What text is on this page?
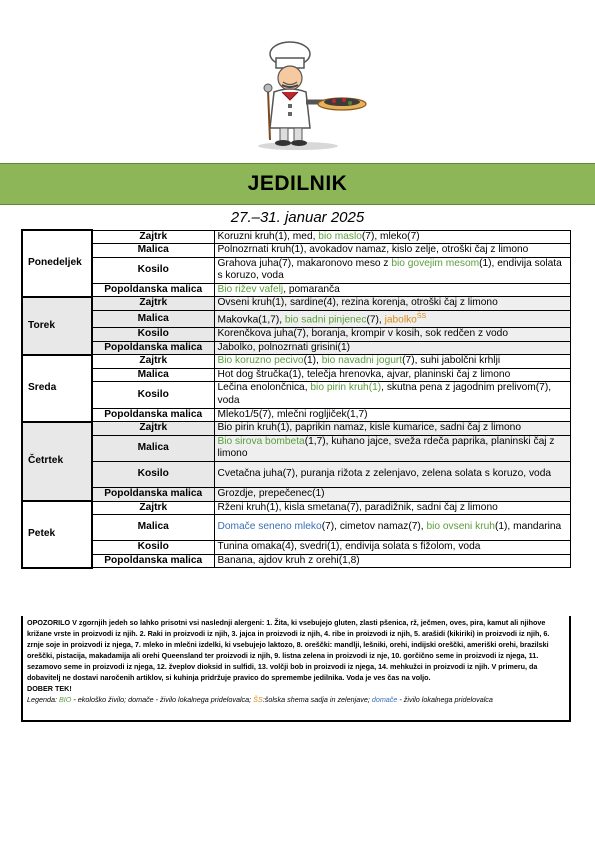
JEDILNIK
27.–31. januar 2025
Ponedeljek	Zajtrk	Koruzni kruh(1), med, bio maslo(7), mleko(7)
	Malica	Polnozrnati kruh(1), avokadov namaz, kislo zelje, otroški čaj z limono
	Kosilo	Grahova juha(7), makaronovo meso z bio govejim mesom(1), endivija solata s koruzo, voda
	Popoldanska malica	Bio rižev vafelj, pomaranča
Torek	Zajtrk	Ovseni kruh(1), sardine(4), rezina korenja, otroški čaj z limono
	Malica	Makovka(1,7), bio sadni pinjenec(7), jabolko$^{ŠS}$
	Kosilo	Korenčkova juha(7), boranja, krompir v kosih, sok redčen z vodo
	Popoldanska malica	Jabolko, polnozrnati grisini(1)
Sreda	Zajtrk	Bio koruzno pecivo(1), bio navadni jogurt(7), suhi jabolčni krhlji
	Malica	Hot dog štručka(1), telečja hrenovka, ajvar, planinski čaj z limono
	Kosilo	Lečina enolončnica, bio pirin kruh(1), skutna pena z jagodnim prelivom(7), voda
	Popoldanska malica	Mleko1/5(7), mlečni rogljiček(1,7)
Četrtek	Zajtrk	Bio pirin kruh(1), paprikin namaz, kisle kumarice, sadni čaj z limono
	Malica	Bio sirova bombeta(1,7), kuhano jajce, sveža rdeča paprika, planinski čaj z limono
	Kosilo	Cvetačna juha(7), puranja rižota z zelenjavo, zelena solata s koruzo, voda
	Popoldanska malica	Grozdje, prepečenec(1)
Petek	Zajtrk	Rženi kruh(1), kisla smetana(7), paradižnik, sadni čaj z limono
	Malica	Domače seneno mleko(7), cimetov namaz(7), bio ovseni kruh(1), mandarina
	Kosilo	Tunina omaka(4), svedri(1), endivija solata s fižolom, voda
	Popoldanska malica	Banana, ajdov kruh z orehi(1,8)
OPOZORILO V zgornjih jedeh so lahko prisotni vsi naslednji alergeni: 1. Žita, ki vsebujejo gluten, zlasti pšenica, rž, ječmen, oves, pira, kamut ali njihove križane vrste in proizvodi iz njih. 2. Raki in proizvodi iz njih, 3. jajca in proizvodi iz njih, 4. ribe in proizvodi iz njih, 5. arašidi (kikiriki) in proizvodi iz njih, 6. zrnje soje in proizvodi iz njega, 7. mleko in mlečni izdelki, ki vsebujejo laktozo, 8. oreščki: mandlji, lešniki, orehi, indijski oreščki, ameriški orehi, brazilski oreščki, pistacija, makadamija ali orehi Queensland ter proizvodi iz njih, 9. listna zelena in proizvodi iz nje, 10. gorčično seme in proizvodi iz njega, 11. sezamovo seme in proizvodi iz njega, 12. žveplov dioksid in sulfidi, 13. volčji bob in proizvodi iz njega, 14. mehkužci in proizvodi iz njih. V primeru, da dobavitelj ne dostavi naročenih artiklov, si kuhinja pridržuje pravico do spremembe jedilnika. Voda je ves čas na voljo.
DOBER TEK!
Legenda: BIO - ekološko živilo; domače - živilo lokalnega pridelovalca; ŠS:šolska shema sadja in zelenjave; domače - živilo lokalnega pridelovalca
